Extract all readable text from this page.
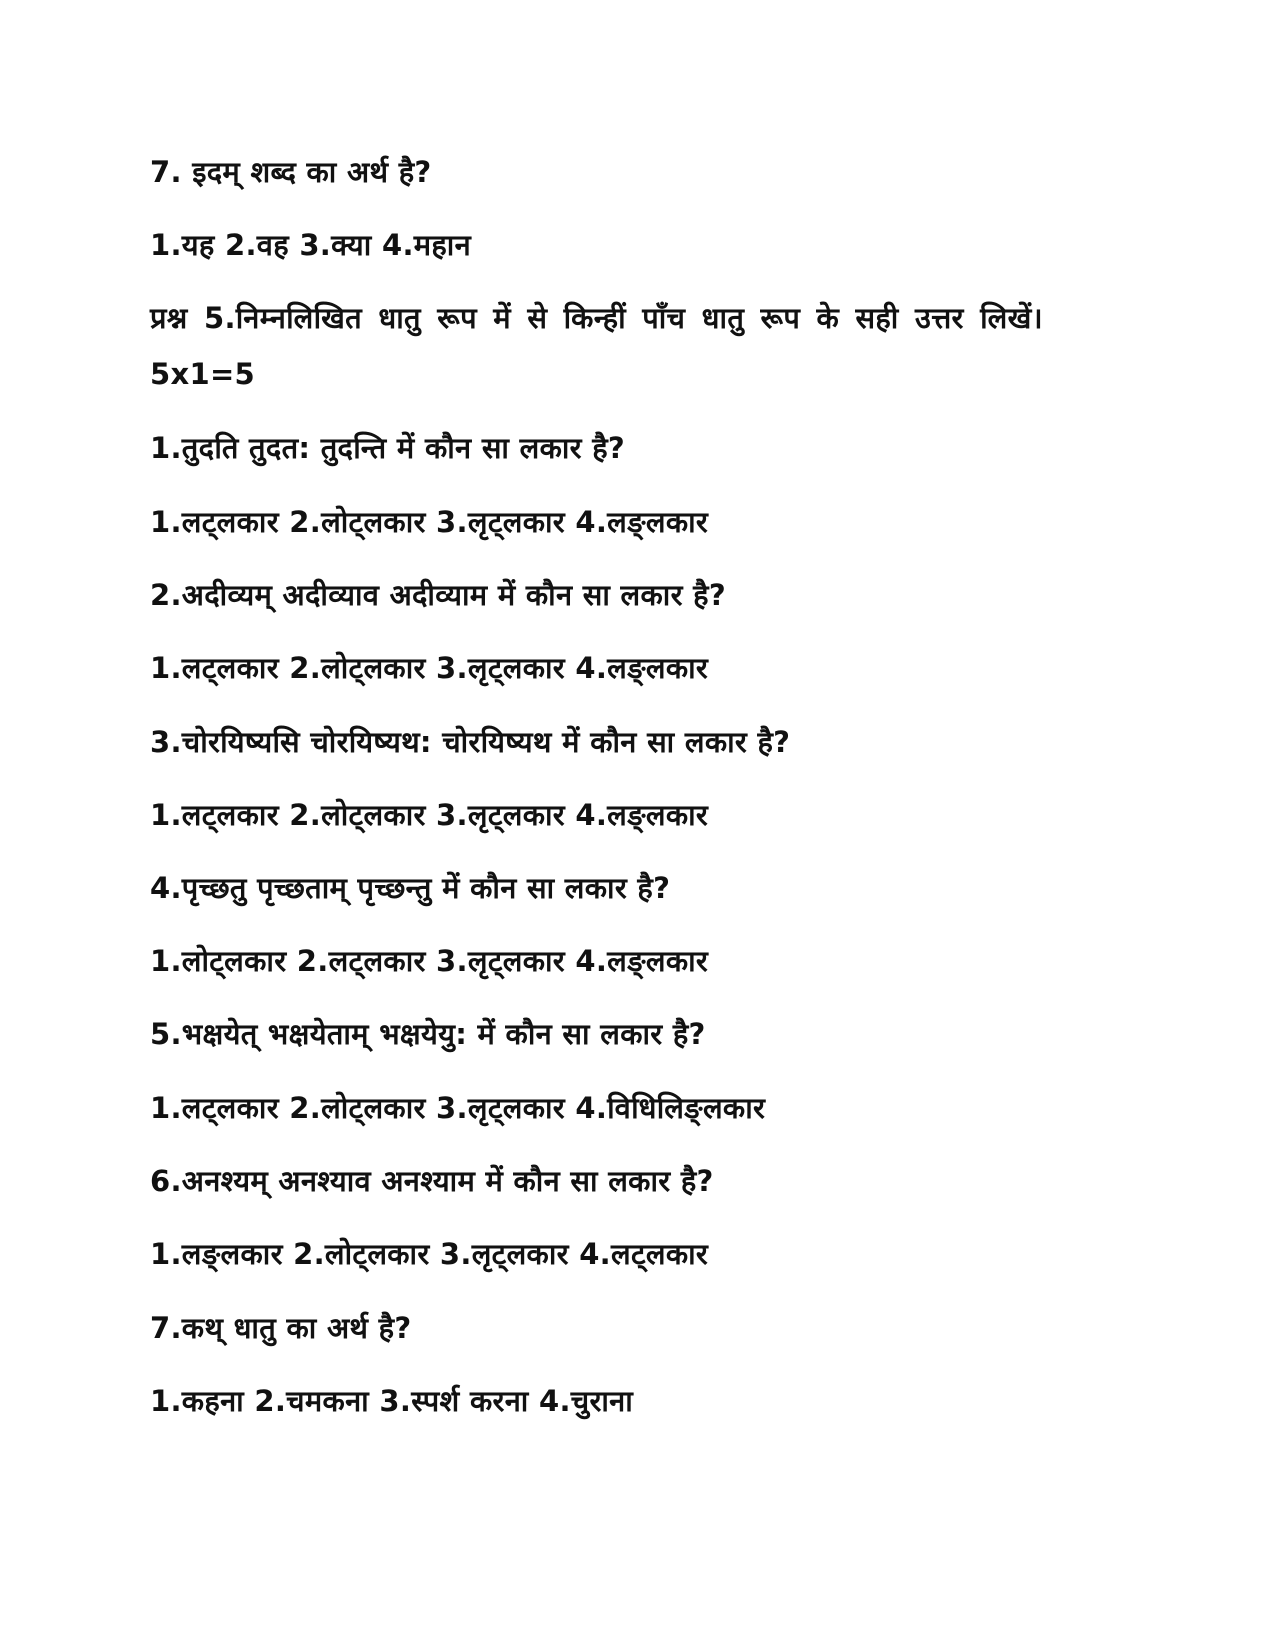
7. इदम् शब्द का अर्थ है?
1.यह 2.वह 3.क्या 4.महान
प्रश्न 5.निम्नलिखित धातु रूप में से किन्हीं पाँच धातु रूप के सही उत्तर लिखें।5x1=5
1.तुदति तुदत: तुदन्ति में कौन सा लकार है?
1.लट्लकार 2.लोट्लकार 3.लृट्लकार 4.लङ्लकार
2.अदीव्यम् अदीव्याव अदीव्याम में कौन सा लकार है?
1.लट्लकार 2.लोट्लकार 3.लृट्लकार 4.लङ्लकार
3.चोरयिष्यसि चोरयिष्यथ: चोरयिष्यथ में कौन सा लकार है?
1.लट्लकार 2.लोट्लकार 3.लृट्लकार 4.लङ्लकार
4.पृच्छतु पृच्छताम् पृच्छन्तु में कौन सा लकार है?
1.लोट्लकार 2.लट्लकार 3.लृट्लकार 4.लङ्लकार
5.भक्षयेत् भक्षयेताम् भक्षयेयु: में कौन सा लकार है?
1.लट्लकार 2.लोट्लकार 3.लृट्लकार 4.विधिलिङ्लकार
6.अनश्यम् अनश्याव अनश्याम में कौन सा लकार है?
1.लङ्लकार 2.लोट्लकार 3.लृट्लकार 4.लट्लकार
7.कथ् धातु का अर्थ है?
1.कहना 2.चमकना 3.स्पर्श करना 4.चुराना
